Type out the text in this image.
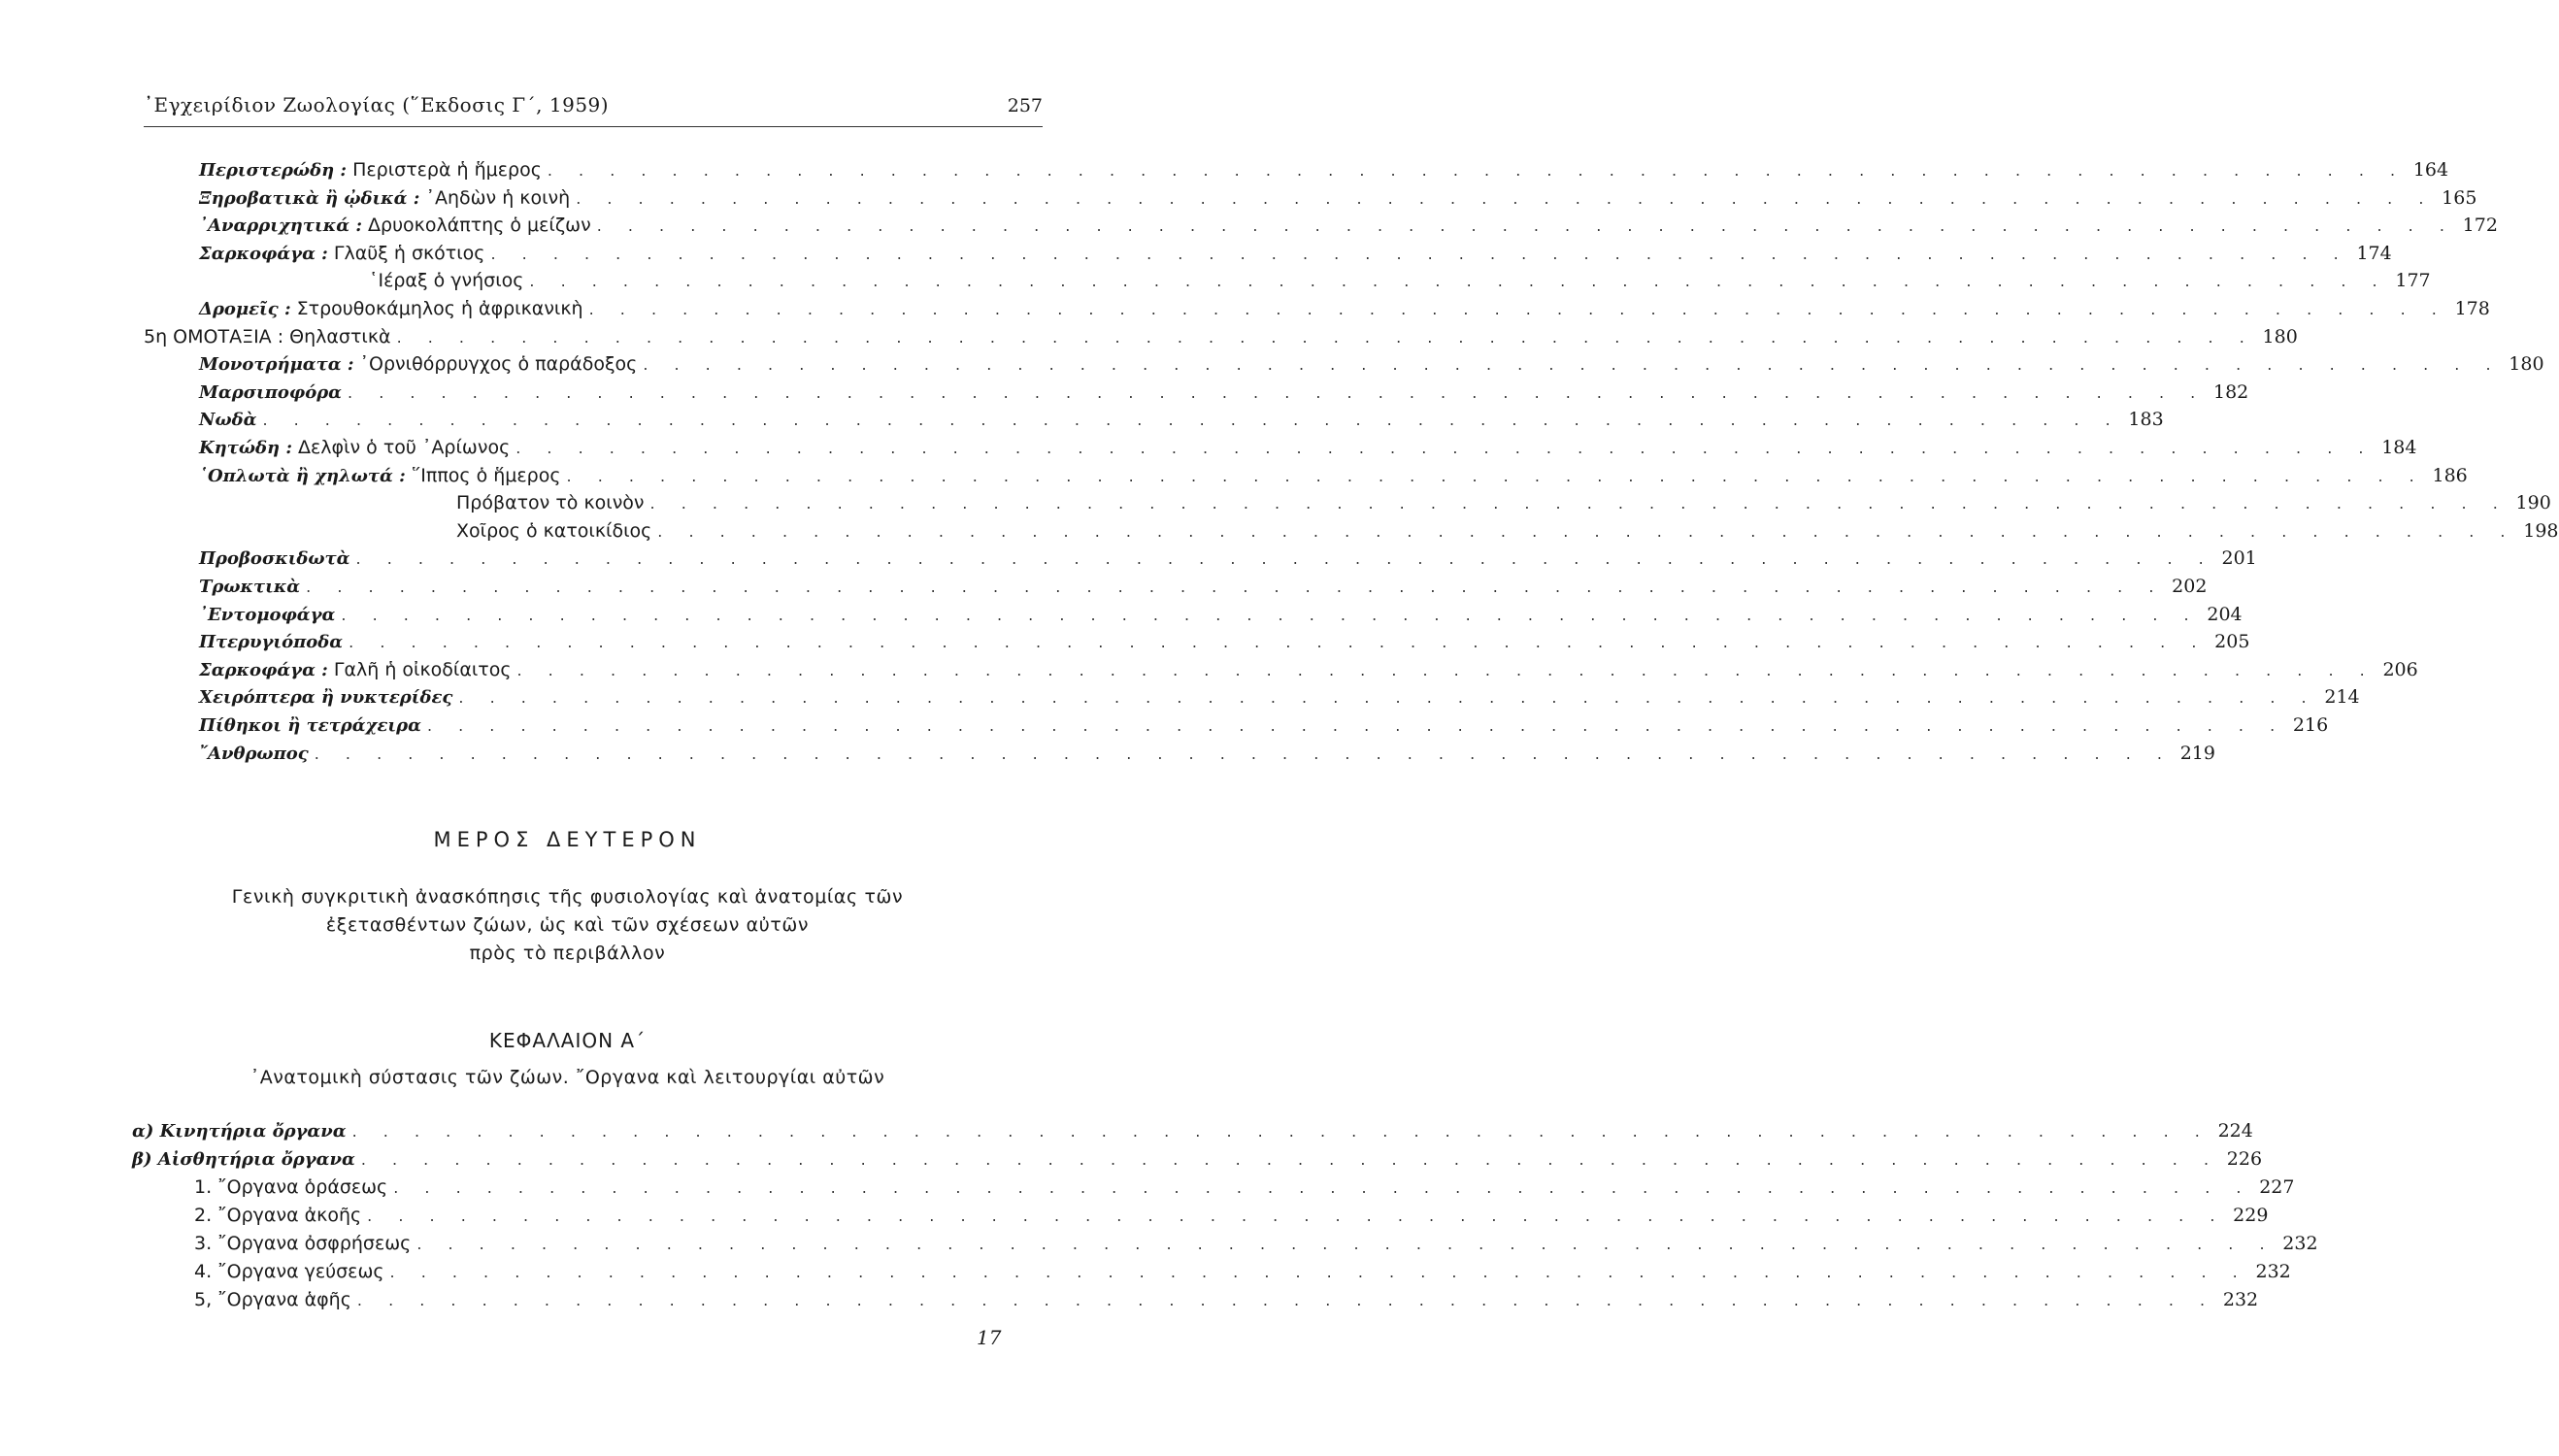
᾿Εγχειρίδιον Ζωολογίας (῞Εκδοσις Γ΄, 1959)	257
Περιστερώδη : Περιστερὰ ἡ ἥμερος . . . . . . . . . . . . . . . . . . . . . . . . . . . . . . . . . . . . . . . . . . . . . . . . . . . . . . . . . . . . 164
Ξηροβατικὰ ἢ ᾠδικά : ᾿Αηδὼν ἡ κοινὴ . . . . . . . . . . . . . . . . . . . . . . . . . . . . . . . . . . . . . . . . . . . . . . . . . . . . . . . . . . . . 165
᾿Αναρριχητικά : Δρυοκολάπτης ὁ μείζων . . . . . . . . . . . . . . . . . . . . . . . . . . . . . . . . . . . . . . . . . . . . . . . . . . . . . . . . . . . . 172
Σαρκοφάγα : Γλαῦξ ἡ σκότιος . . . . . . . . . . . . . . . . . . . . . . . . . . . . . . . . . . . . . . . . . . . . . . . . . . . . . . . . . . . . 174
῾Ιέραξ ὁ γνήσιος . . . . . . . . . . . . . . . . . . . . . . . . . . . . . . . . . . . . . . . . . . . . . . . . . . . . . . . . . . . . 177
Δρομεῖς : Στρουθοκάμηλος ἡ ἀφρικανικὴ . . . . . . . . . . . . . . . . . . . . . . . . . . . . . . . . . . . . . . . . . . . . . . . . . . . . . . . . . . . . 178
5η ΟΜΟΤΑΞΙΑ : Θηλαστικὰ . . . . . . . . . . . . . . . . . . . . . . . . . . . . . . . . . . . . . . . . . . . . . . . . . . . . . . . . . . . . 180
Μονοτρήματα : ᾿Ορνιθόρρυγχος ὁ παράδοξος . . . . . . . . . . . . . . . . . . . . . . . . . . . . . . . . . . . . . . . . . . . . . . . . . . . . . . . . . . . . 180
Μαρσιποφόρα . . . . . . . . . . . . . . . . . . . . . . . . . . . . . . . . . . . . . . . . . . . . . . . . . . . . . . . . . . . . 182
Νωδὰ . . . . . . . . . . . . . . . . . . . . . . . . . . . . . . . . . . . . . . . . . . . . . . . . . . . . . . . . . . . . 183
Κητώδη : Δελφὶν ὁ τοῦ ᾿Αρίωνος . . . . . . . . . . . . . . . . . . . . . . . . . . . . . . . . . . . . . . . . . . . . . . . . . . . . . . . . . . . . 184
῾Οπλωτὰ ἢ χηλωτά : ῞Ιππος ὁ ἥμερος . . . . . . . . . . . . . . . . . . . . . . . . . . . . . . . . . . . . . . . . . . . . . . . . . . . . . . . . . . . . 186
Πρόβατον τὸ κοινὸν . . . . . . . . . . . . . . . . . . . . . . . . . . . . . . . . . . . . . . . . . . . . . . . . . . . . . . . . . . . . 190
Χοῖρος ὁ κατοικίδιος . . . . . . . . . . . . . . . . . . . . . . . . . . . . . . . . . . . . . . . . . . . . . . . . . . . . . . . . . . . . 198
Προβοσκιδωτὰ . . . . . . . . . . . . . . . . . . . . . . . . . . . . . . . . . . . . . . . . . . . . . . . . . . . . . . . . . . . . 201
Τρωκτικὰ . . . . . . . . . . . . . . . . . . . . . . . . . . . . . . . . . . . . . . . . . . . . . . . . . . . . . . . . . . . . 202
᾿Εντομοφάγα . . . . . . . . . . . . . . . . . . . . . . . . . . . . . . . . . . . . . . . . . . . . . . . . . . . . . . . . . . . . 204
Πτερυγιόποδα . . . . . . . . . . . . . . . . . . . . . . . . . . . . . . . . . . . . . . . . . . . . . . . . . . . . . . . . . . . . 205
Σαρκοφάγα : Γαλῆ ἡ οἰκοδίαιτος . . . . . . . . . . . . . . . . . . . . . . . . . . . . . . . . . . . . . . . . . . . . . . . . . . . . . . . . . . . . 206
Χειρόπτερα ἢ νυκτερίδες . . . . . . . . . . . . . . . . . . . . . . . . . . . . . . . . . . . . . . . . . . . . . . . . . . . . . . . . . . . . 214
Πίθηκοι ἢ τετράχειρα . . . . . . . . . . . . . . . . . . . . . . . . . . . . . . . . . . . . . . . . . . . . . . . . . . . . . . . . . . . . 216
῎Ανθρωπος . . . . . . . . . . . . . . . . . . . . . . . . . . . . . . . . . . . . . . . . . . . . . . . . . . . . . . . . . . . . 219
ΜΕΡΟΣ ΔΕΥΤΕΡΟΝ
Γενικὴ συγκριτικὴ ἀνασκόπησις τῆς φυσιολογίας καὶ ἀνατομίας τῶν
ἐξετασθέντων ζώων, ὡς καὶ τῶν σχέσεων αὐτῶν
πρὸς τὸ περιβάλλον
ΚΕΦΑΛΑΙΟΝ Α΄
᾿Ανατομικὴ σύστασις τῶν ζώων. ῎Οργανα καὶ λειτουργίαι αὐτῶν
α) Κινητήρια ὄργανα . . . . . . . . . . . . . . . . . . . . . . . . . . . . . . . . . . . . . . . . . . . . . . . . . . . . . . . . . . . . 224
β) Αἰσθητήρια ὄργανα . . . . . . . . . . . . . . . . . . . . . . . . . . . . . . . . . . . . . . . . . . . . . . . . . . . . . . . . . . . . 226
1. ῎Οργανα ὁράσεως . . . . . . . . . . . . . . . . . . . . . . . . . . . . . . . . . . . . . . . . . . . . . . . . . . . . . . . . . . . . 227
2. ῎Οργανα ἀκοῆς . . . . . . . . . . . . . . . . . . . . . . . . . . . . . . . . . . . . . . . . . . . . . . . . . . . . . . . . . . . . 229
3. ῎Οργανα ὀσφρήσεως . . . . . . . . . . . . . . . . . . . . . . . . . . . . . . . . . . . . . . . . . . . . . . . . . . . . . . . . . . . . 232
4. ῎Οργανα γεύσεως . . . . . . . . . . . . . . . . . . . . . . . . . . . . . . . . . . . . . . . . . . . . . . . . . . . . . . . . . . . . 232
5, ῎Οργανα ἁφῆς . . . . . . . . . . . . . . . . . . . . . . . . . . . . . . . . . . . . . . . . . . . . . . . . . . . . . . . . . . . . 232
17
